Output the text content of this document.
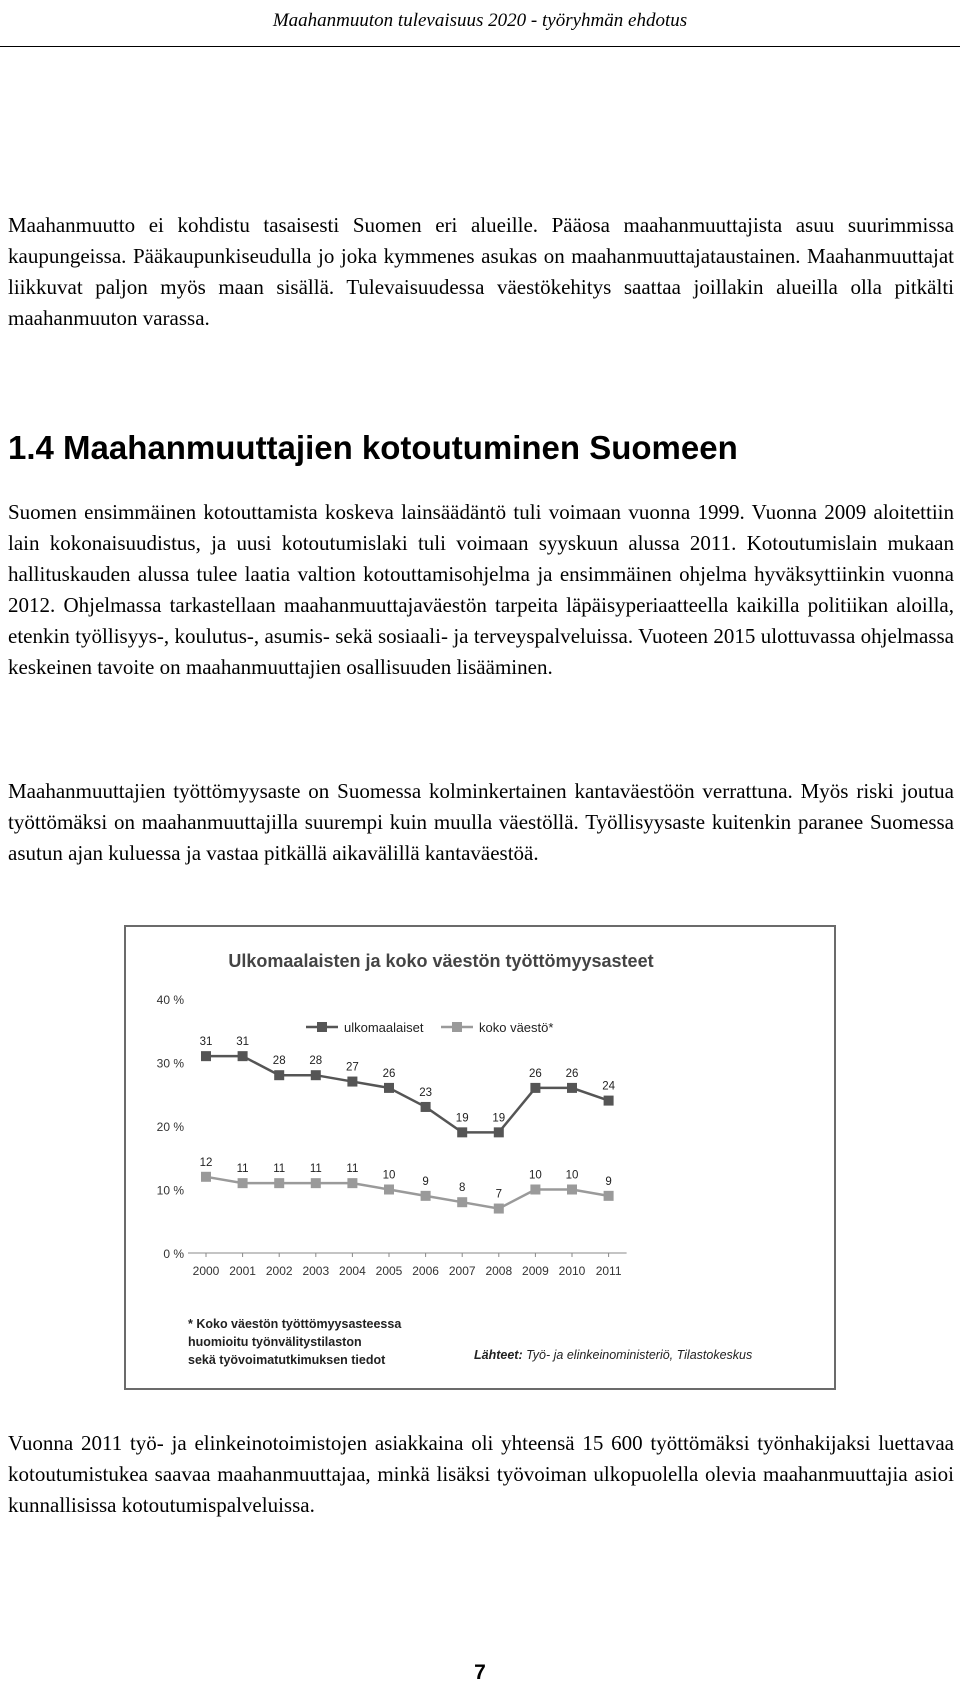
Maahanmuuton tulevaisuus 2020 - työryhmän ehdotus

Maahanmuutto ei kohdistu tasaisesti Suomen eri alueille. Pääosa maahanmuuttajista asuu suurimmissa kaupungeissa. Pääkaupunkiseudulla jo joka kymmenes asukas on maahanmuuttajataustainen. Maahanmuuttajat liikkuvat paljon myös maan sisällä. Tulevaisuudessa väestökehitys saattaa joillakin alueilla olla pitkälti maahanmuuton varassa.

1.4 Maahanmuuttajien kotoutuminen Suomeen

Suomen ensimmäinen kotouttamista koskeva lainsäädäntö tuli voimaan vuonna 1999. Vuonna 2009 aloitettiin lain kokonaisuudistus, ja uusi kotoutumislaki tuli voimaan syyskuun alussa 2011. Kotoutumislain mukaan hallituskauden alussa tulee laatia valtion kotouttamisohjelma ja ensimmäinen ohjelma hyväksyttiinkin vuonna 2012. Ohjelmassa tarkastellaan maahanmuuttajaväestön tarpeita läpäisyperiaatteella kaikilla politiikan aloilla, etenkin työllisyys-, koulutus-, asumis- sekä sosiaali- ja terveyspalveluissa. Vuoteen 2015 ulottuvassa ohjelmassa keskeinen tavoite on maahanmuuttajien osallisuuden lisääminen.

Maahanmuuttajien työttömyysaste on Suomessa kolminkertainen kantaväestöön verrattuna. Myös riski joutua työttömäksi on maahanmuuttajilla suurempi kuin muulla väestöllä. Työllisyysaste kuitenkin paranee Suomessa asutun ajan kuluessa ja vastaa pitkällä aikavälillä kantaväestöä.

Ulkomaalaisten ja koko väestön työttömyysasteet
ulkomaalaiset	koko väestö*
0 %
10 %
20 %
30 %
40 %
2000 2001 2002 2003 2004 2005 2006 2007 2008 2009 2010 2011
31 31
28 28
27
26
23
19 19
26 26
24
12
11 11 11 11
10
9
8
7
10 10
9
* Koko väestön työttömyysasteessa
huomioitu työnvälitystilaston
sekä työvoimatutkimuksen tiedot	Lähteet: Työ- ja elinkeinoministeriö, Tilastokeskus

Vuonna 2011 työ- ja elinkeinotoimistojen asiakkaina oli yhteensä 15 600 työttömäksi työnhakijaksi luettavaa kotoutumistukea saavaa maahanmuuttajaa, minkä lisäksi työvoiman ulkopuolella olevia maahanmuuttajia asioi kunnallisissa kotoutumispalveluissa.

7
